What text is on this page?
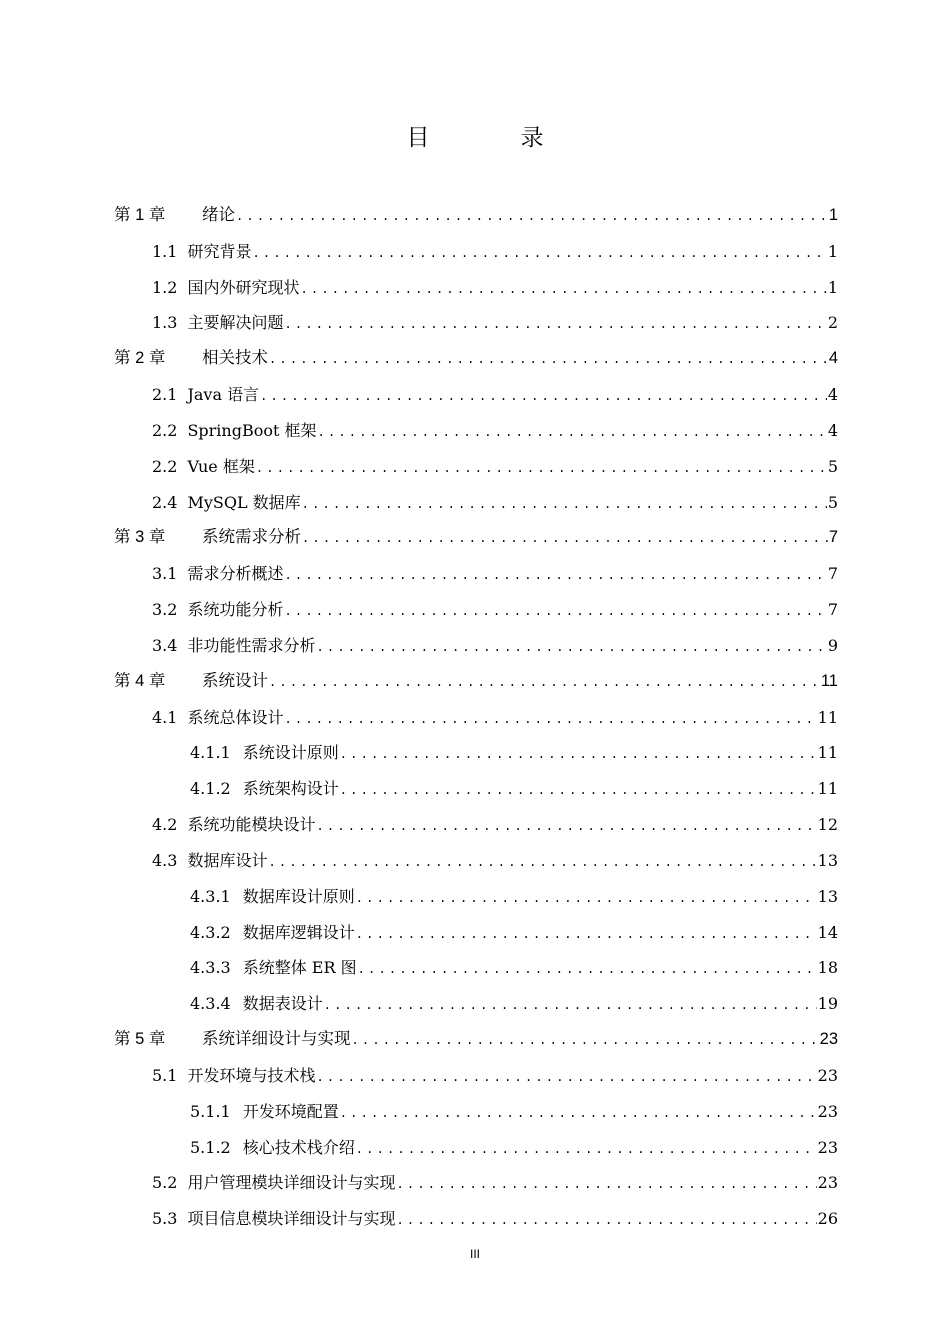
目　录
第 1 章	绪论 .....	1
1.1 研究背景 .....	1
1.2 国内外研究现状 .....	1
1.3 主要解决问题 .....	2
第 2 章	相关技术 .....	4
2.1 Java 语言 .....	4
2.2 SpringBoot 框架 .....	4
2.2 Vue 框架 .....	5
2.4 MySQL 数据库 .....	5
第 3 章	系统需求分析 .....	7
3.1 需求分析概述 .....	7
3.2 系统功能分析 .....	7
3.4 非功能性需求分析 .....	9
第 4 章	系统设计 .....	11
4.1 系统总体设计 .....	11
4.1.1 系统设计原则 .....	11
4.1.2 系统架构设计 .....	11
4.2 系统功能模块设计 .....	12
4.3 数据库设计 .....	13
4.3.1 数据库设计原则 .....	13
4.3.2 数据库逻辑设计 .....	14
4.3.3 系统整体 ER 图 .....	18
4.3.4 数据表设计 .....	19
第 5 章	系统详细设计与实现 .....	23
5.1 开发环境与技术栈 .....	23
5.1.1 开发环境配置 .....	23
5.1.2 核心技术栈介绍 .....	23
5.2 用户管理模块详细设计与实现 .....	23
5.3 项目信息模块详细设计与实现 .....	26
III
